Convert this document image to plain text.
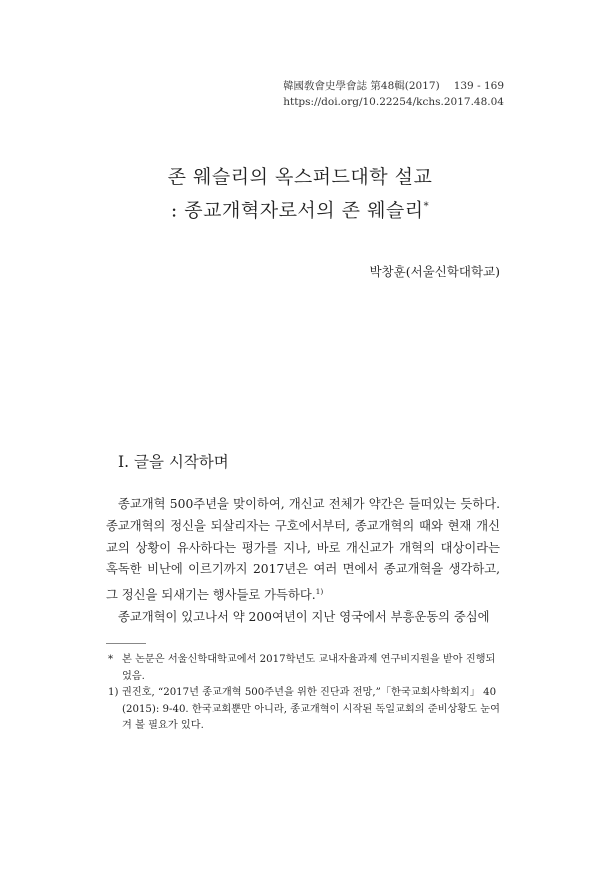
韓國敎會史學會誌 第48輯(2017) 139 - 169
https://doi.org/10.22254/kchs.2017.48.04
존 웨슬리의 옥스퍼드대학 설교
: 종교개혁자로서의 존 웨슬리*
박창훈(서울신학대학교)
I. 글을 시작하며

종교개혁 500주년을 맞이하여, 개신교 전체가 약간은 들떠있는 듯하다. 종교개혁의 정신을 되살리자는 구호에서부터, 종교개혁의 때와 현재 개신교의 상황이 유사하다는 평가를 지나, 바로 개신교가 개혁의 대상이라는 혹독한 비난에 이르기까지 2017년은 여러 면에서 종교개혁을 생각하고, 그 정신을 되새기는 행사들로 가득하다.$^{1)}$

종교개혁이 있고나서 약 200여년이 지난 영국에서 부흥운동의 중심에

* 본 논문은 서울신학대학교에서 2017학년도 교내자율과제 연구비지원을 받아 진행되었음.
1) 권진호, “2017년 종교개혁 500주년을 위한 진단과 전망,”「한국교회사학회지」 40 (2015): 9-40. 한국교회뿐만 아니라, 종교개혁이 시작된 독일교회의 준비상황도 눈여겨 볼 필요가 있다.
